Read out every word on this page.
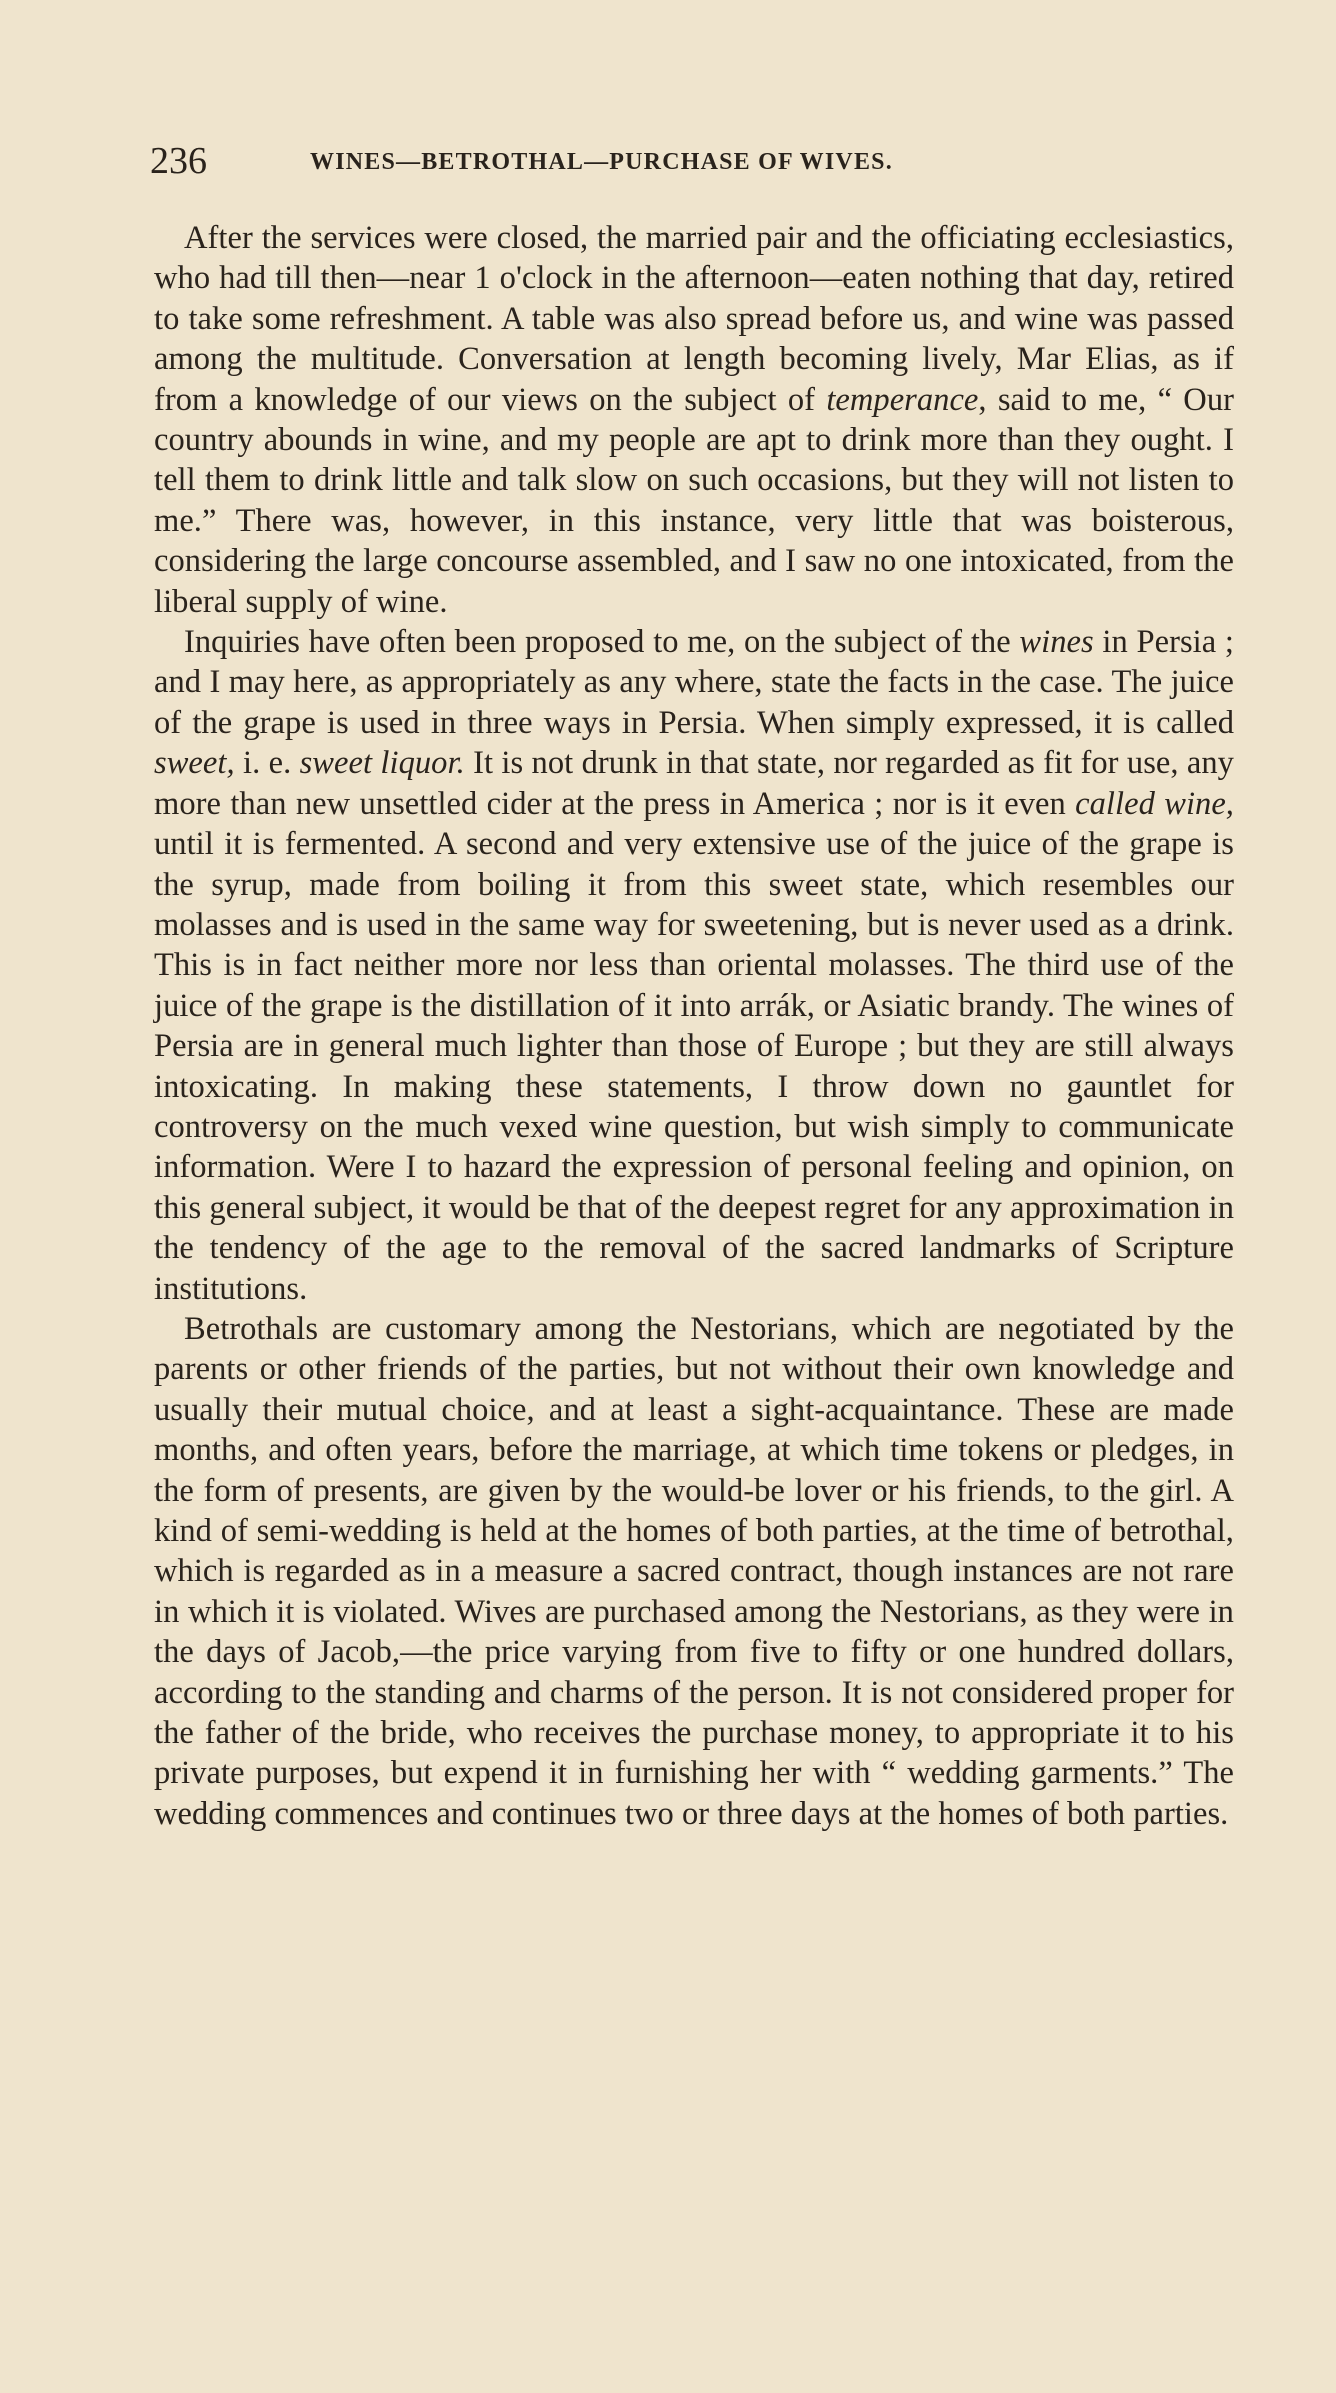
236	WINES—BETROTHAL—PURCHASE OF WIVES.

After the services were closed, the married pair and the officiating ecclesiastics, who had till then—near 1 o'clock in the afternoon—eaten nothing that day, retired to take some refreshment. A table was also spread before us, and wine was passed among the multitude. Conversation at length becoming lively, Mar Elias, as if from a knowledge of our views on the subject of temperance, said to me, “ Our country abounds in wine, and my people are apt to drink more than they ought. I tell them to drink little and talk slow on such occasions, but they will not listen to me.” There was, however, in this instance, very little that was boisterous, considering the large concourse assembled, and I saw no one intoxicated, from the liberal supply of wine.

Inquiries have often been proposed to me, on the subject of the wines in Persia ; and I may here, as appropriately as any where, state the facts in the case. The juice of the grape is used in three ways in Persia. When simply expressed, it is called sweet, i. e. sweet liquor. It is not drunk in that state, nor regarded as fit for use, any more than new unsettled cider at the press in America ; nor is it even called wine, until it is fermented. A second and very extensive use of the juice of the grape is the syrup, made from boiling it from this sweet state, which resembles our molasses and is used in the same way for sweetening, but is never used as a drink. This is in fact neither more nor less than oriental molasses. The third use of the juice of the grape is the distillation of it into arrák, or Asiatic brandy. The wines of Persia are in general much lighter than those of Europe ; but they are still always intoxicating. In making these statements, I throw down no gauntlet for controversy on the much vexed wine question, but wish simply to communicate information. Were I to hazard the expression of personal feeling and opinion, on this general subject, it would be that of the deepest regret for any approximation in the tendency of the age to the removal of the sacred landmarks of Scripture institutions.

Betrothals are customary among the Nestorians, which are negotiated by the parents or other friends of the parties, but not without their own knowledge and usually their mutual choice, and at least a sight-acquaintance. These are made months, and often years, before the marriage, at which time tokens or pledges, in the form of presents, are given by the would-be lover or his friends, to the girl. A kind of semi-wedding is held at the homes of both parties, at the time of betrothal, which is regarded as in a measure a sacred contract, though instances are not rare in which it is violated. Wives are purchased among the Nestorians, as they were in the days of Jacob,—the price varying from five to fifty or one hundred dollars, according to the standing and charms of the person. It is not considered proper for the father of the bride, who receives the purchase money, to appropriate it to his private purposes, but expend it in furnishing her with “ wedding garments.” The wedding commences and continues two or three days at the homes of both parties.
